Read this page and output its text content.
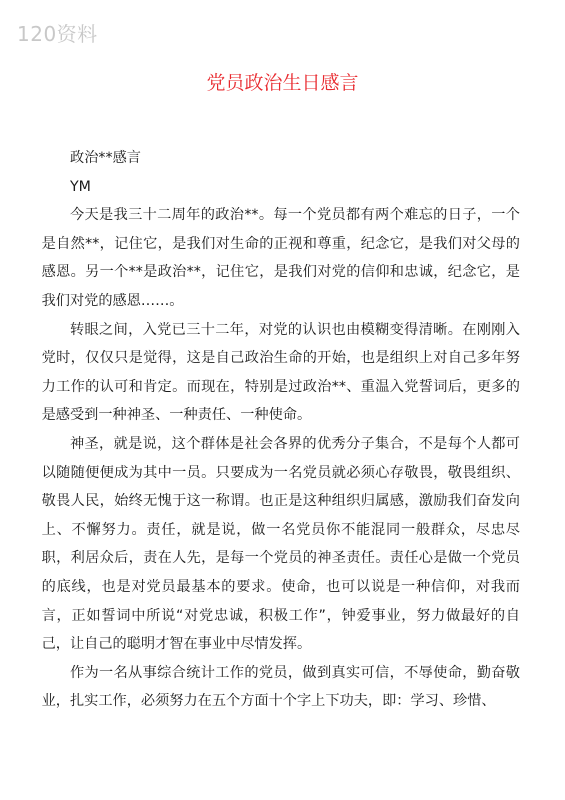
120资料
党员政治生日感言

政治**感言

YM

今天是我三十二周年的政治**。每一个党员都有两个难忘的日子，一个是自然**，记住它，是我们对生命的正视和尊重，纪念它，是我们对父母的感恩。另一个**是政治**，记住它，是我们对党的信仰和忠诚，纪念它，是我们对党的感恩……。

转眼之间，入党已三十二年，对党的认识也由模糊变得清晰。在刚刚入党时，仅仅只是觉得，这是自己政治生命的开始，也是组织上对自己多年努力工作的认可和肯定。而现在，特别是过政治**、重温入党誓词后，更多的是感受到一种神圣、一种责任、一种使命。

神圣，就是说，这个群体是社会各界的优秀分子集合，不是每个人都可以随随便便成为其中一员。只要成为一名党员就必须心存敬畏，敬畏组织、敬畏人民，始终无愧于这一称谓。也正是这种组织归属感，激励我们奋发向上、不懈努力。责任，就是说，做一名党员你不能混同一般群众，尽忠尽职，利居众后，责在人先，是每一个党员的神圣责任。责任心是做一个党员的底线，也是对党员最基本的要求。使命，也可以说是一种信仰，对我而言，正如誓词中所说“对党忠诚，积极工作”，钟爱事业，努力做最好的自己，让自己的聪明才智在事业中尽情发挥。

作为一名从事综合统计工作的党员，做到真实可信，不辱使命，勤奋敬业，扎实工作，必须努力在五个方面十个字上下功夫，即：学习、珍惜、
